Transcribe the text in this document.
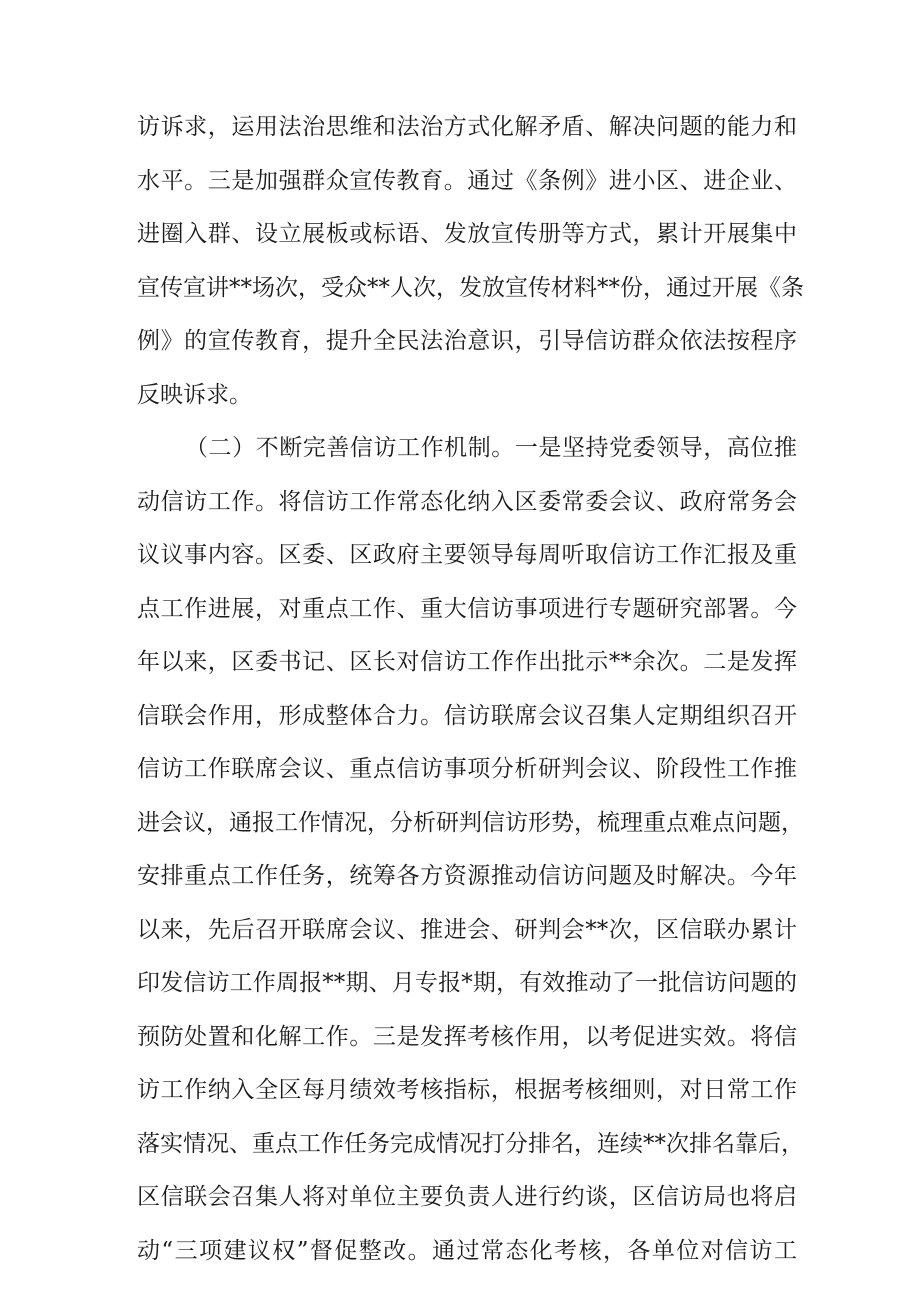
访诉求，运用法治思维和法治方式化解矛盾、解决问题的能力和
水平。三是加强群众宣传教育。通过《条例》进小区、进企业、
进圈入群、设立展板或标语、发放宣传册等方式，累计开展集中
宣传宣讲**场次，受众**人次，发放宣传材料**份，通过开展《条
例》的宣传教育，提升全民法治意识，引导信访群众依法按程序
反映诉求。
（二）不断完善信访工作机制。一是坚持党委领导，高位推
动信访工作。将信访工作常态化纳入区委常委会议、政府常务会
议议事内容。区委、区政府主要领导每周听取信访工作汇报及重
点工作进展，对重点工作、重大信访事项进行专题研究部署。今
年以来，区委书记、区长对信访工作作出批示**余次。二是发挥
信联会作用，形成整体合力。信访联席会议召集人定期组织召开
信访工作联席会议、重点信访事项分析研判会议、阶段性工作推
进会议，通报工作情况，分析研判信访形势，梳理重点难点问题，
安排重点工作任务，统筹各方资源推动信访问题及时解决。今年
以来，先后召开联席会议、推进会、研判会**次，区信联办累计
印发信访工作周报**期、月专报*期，有效推动了一批信访问题的
预防处置和化解工作。三是发挥考核作用，以考促进实效。将信
访工作纳入全区每月绩效考核指标，根据考核细则，对日常工作
落实情况、重点工作任务完成情况打分排名，连续**次排名靠后，
区信联会召集人将对单位主要负责人进行约谈，区信访局也将启
动“三项建议权”督促整改。通过常态化考核，各单位对信访工
